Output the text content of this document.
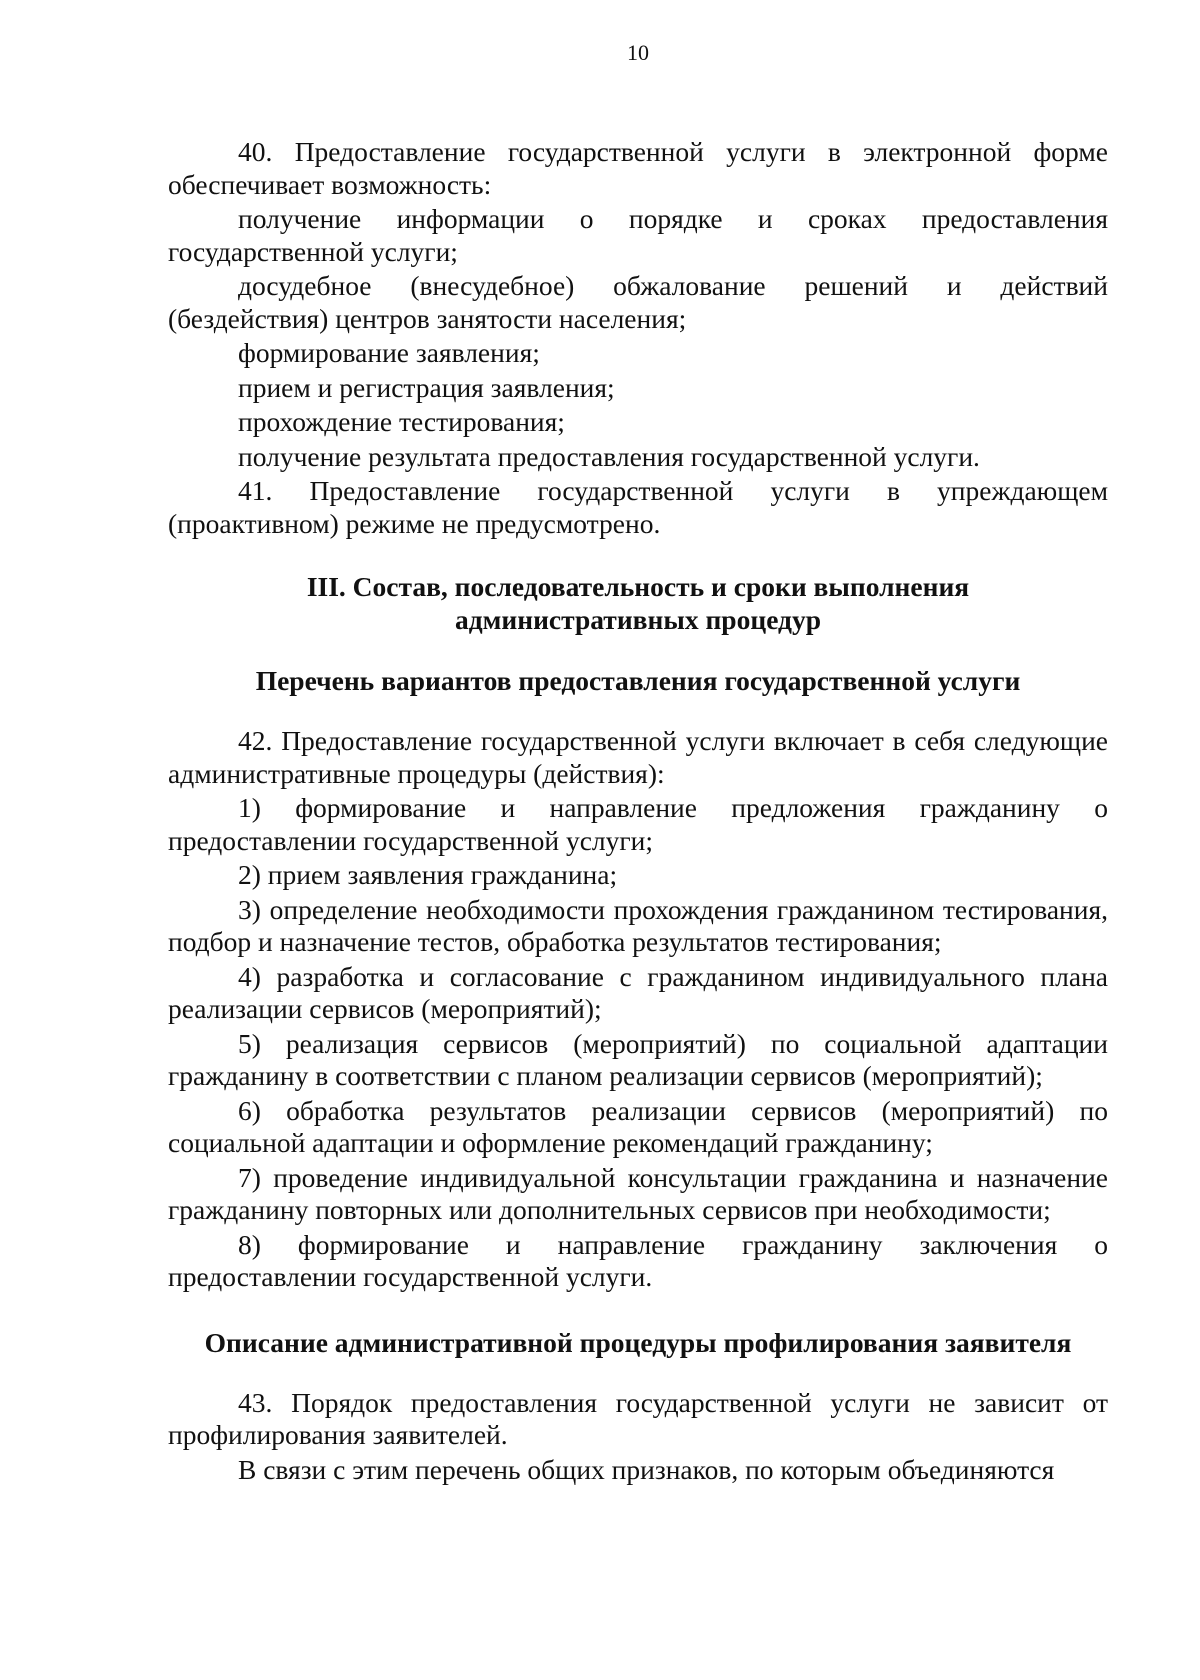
10

40. Предоставление государственной услуги в электронной форме обеспечивает возможность:

получение информации о порядке и сроках предоставления государственной услуги;

досудебное (внесудебное) обжалование решений и действий (бездействия) центров занятости населения;

формирование заявления;

прием и регистрация заявления;

прохождение тестирования;

получение результата предоставления государственной услуги.

41. Предоставление государственной услуги в упреждающем (проактивном) режиме не предусмотрено.

III. Состав, последовательность и сроки выполнения

административных процедур

Перечень вариантов предоставления государственной услуги

42. Предоставление государственной услуги включает в себя следующие административные процедуры (действия):

1) формирование и направление предложения гражданину о предоставлении государственной услуги;

2) прием заявления гражданина;

3) определение необходимости прохождения гражданином тестирования, подбор и назначение тестов, обработка результатов тестирования;

4) разработка и согласование с гражданином индивидуального плана реализации сервисов (мероприятий);

5) реализация сервисов (мероприятий) по социальной адаптации гражданину в соответствии с планом реализации сервисов (мероприятий);

6) обработка результатов реализации сервисов (мероприятий) по социальной адаптации и оформление рекомендаций гражданину;

7) проведение индивидуальной консультации гражданина и назначение гражданину повторных или дополнительных сервисов при необходимости;

8) формирование и направление гражданину заключения о предоставлении государственной услуги.

Описание административной процедуры профилирования заявителя

43. Порядок предоставления государственной услуги не зависит от профилирования заявителей.

В связи с этим перечень общих признаков, по которым объединяются
